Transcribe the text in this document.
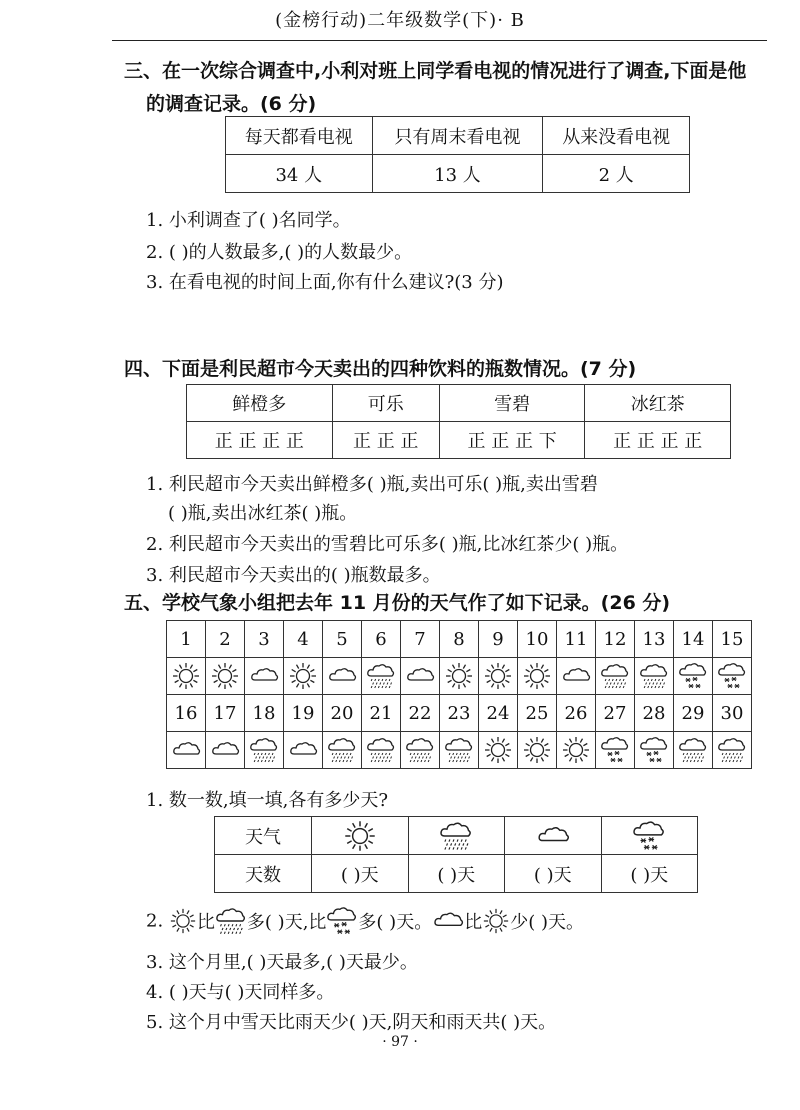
(金榜行动)二年级数学(下)· B
三、在一次综合调查中,小利对班上同学看电视的情况进行了调查,下面是他
的调查记录。(6 分)
每天都看电视	只有周末看电视	从来没看电视
34 人	13 人	2 人
1. 小利调查了( )名同学。
2. ( )的人数最多,( )的人数最少。
3. 在看电视的时间上面,你有什么建议?(3 分)
四、下面是利民超市今天卖出的四种饮料的瓶数情况。(7 分)
鲜橙多	可乐	雪碧	冰红茶
正 正 正 正	正 正 正	正 正 正 下	正 正 正 正
1. 利民超市今天卖出鲜橙多( )瓶,卖出可乐( )瓶,卖出雪碧
( )瓶,卖出冰红茶( )瓶。
2. 利民超市今天卖出的雪碧比可乐多( )瓶,比冰红茶少( )瓶。
3. 利民超市今天卖出的( )瓶数最多。
五、学校气象小组把去年 11 月份的天气作了如下记录。(26 分)
1	2	3	4	5	6	7	8	9	10	11	12	13	14	15

16	17	18	19	20	21	22	23	24	25	26	27	28	29	30

1. 数一数,填一填,各有多少天?
天气				
天数	( )天	( )天	( )天	( )天
2. 比 多( )天,比 多( )天。 比 少( )天。
3. 这个月里,( )天最多,( )天最少。
4. ( )天与( )天同样多。
5. 这个月中雪天比雨天少( )天,阴天和雨天共( )天。
· 97 ·
